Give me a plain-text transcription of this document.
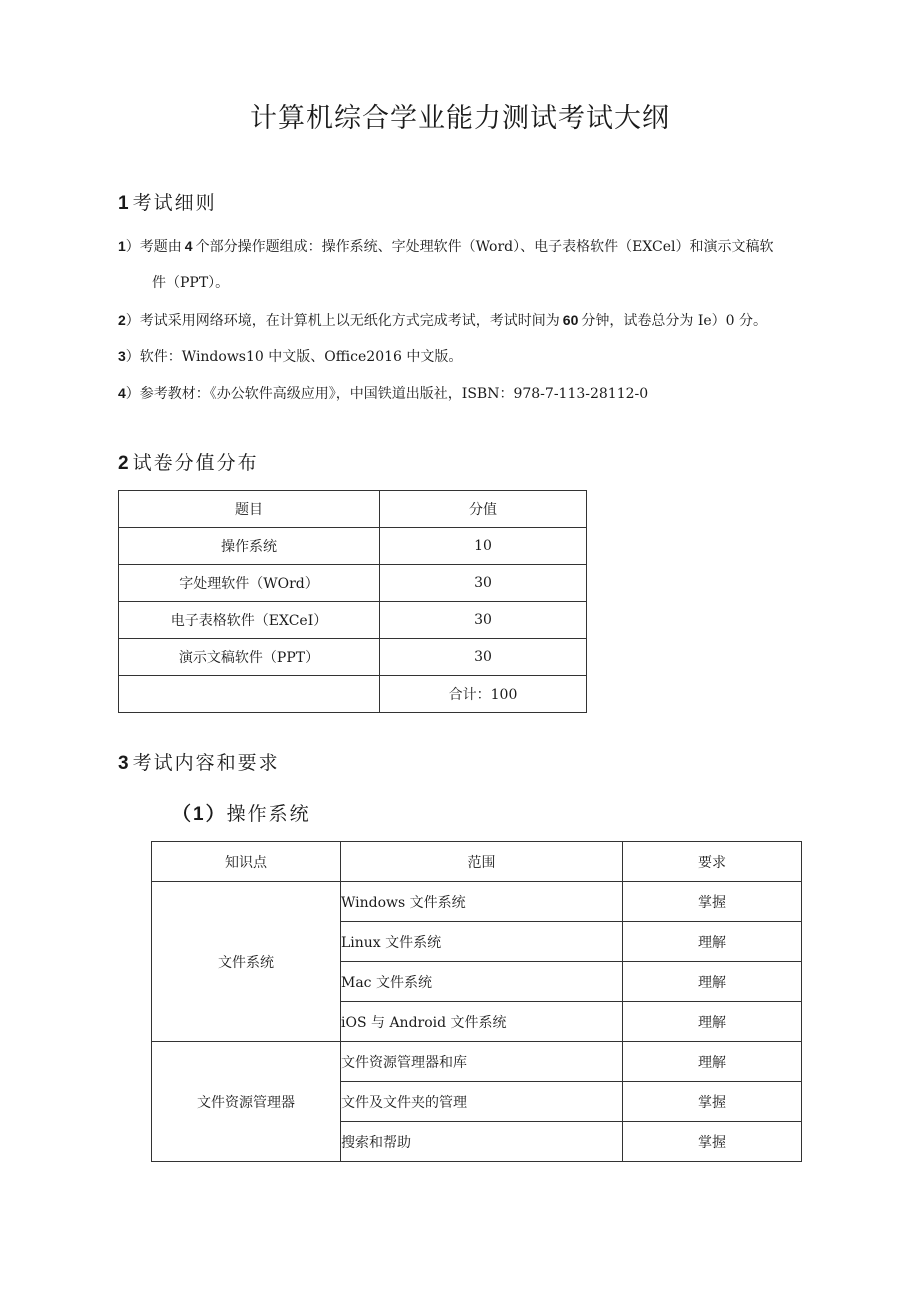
计算机综合学业能力测试考试大纲
1 考试细则
1）考题由 4 个部分操作题组成：操作系统、字处理软件（Word）、电子表格软件（EXCel）和演示文稿软
件（PPT）。
2）考试采用网络环境，在计算机上以无纸化方式完成考试，考试时间为 60 分钟，试卷总分为 Ie）0 分。
3）软件：Windows10 中文版、Office2016 中文版。
4）参考教材：《办公软件高级应用》，中国铁道出版社，ISBN：978-7-113-28112-0
2 试卷分值分布
题目	分值
操作系统	10
字处理软件（WOrd）	30
电子表格软件（EXCeI）	30
演示文稿软件（PPT）	30
	合计：100
3 考试内容和要求
（1）操作系统
知识点	范围	要求
文件系统	Windows 文件系统	掌握
	Linux 文件系统	理解
	Mac 文件系统	理解
	iOS 与 Android 文件系统	理解
文件资源管理器	文件资源管理器和库	理解
	文件及文件夹的管理	掌握
	搜索和帮助	掌握
